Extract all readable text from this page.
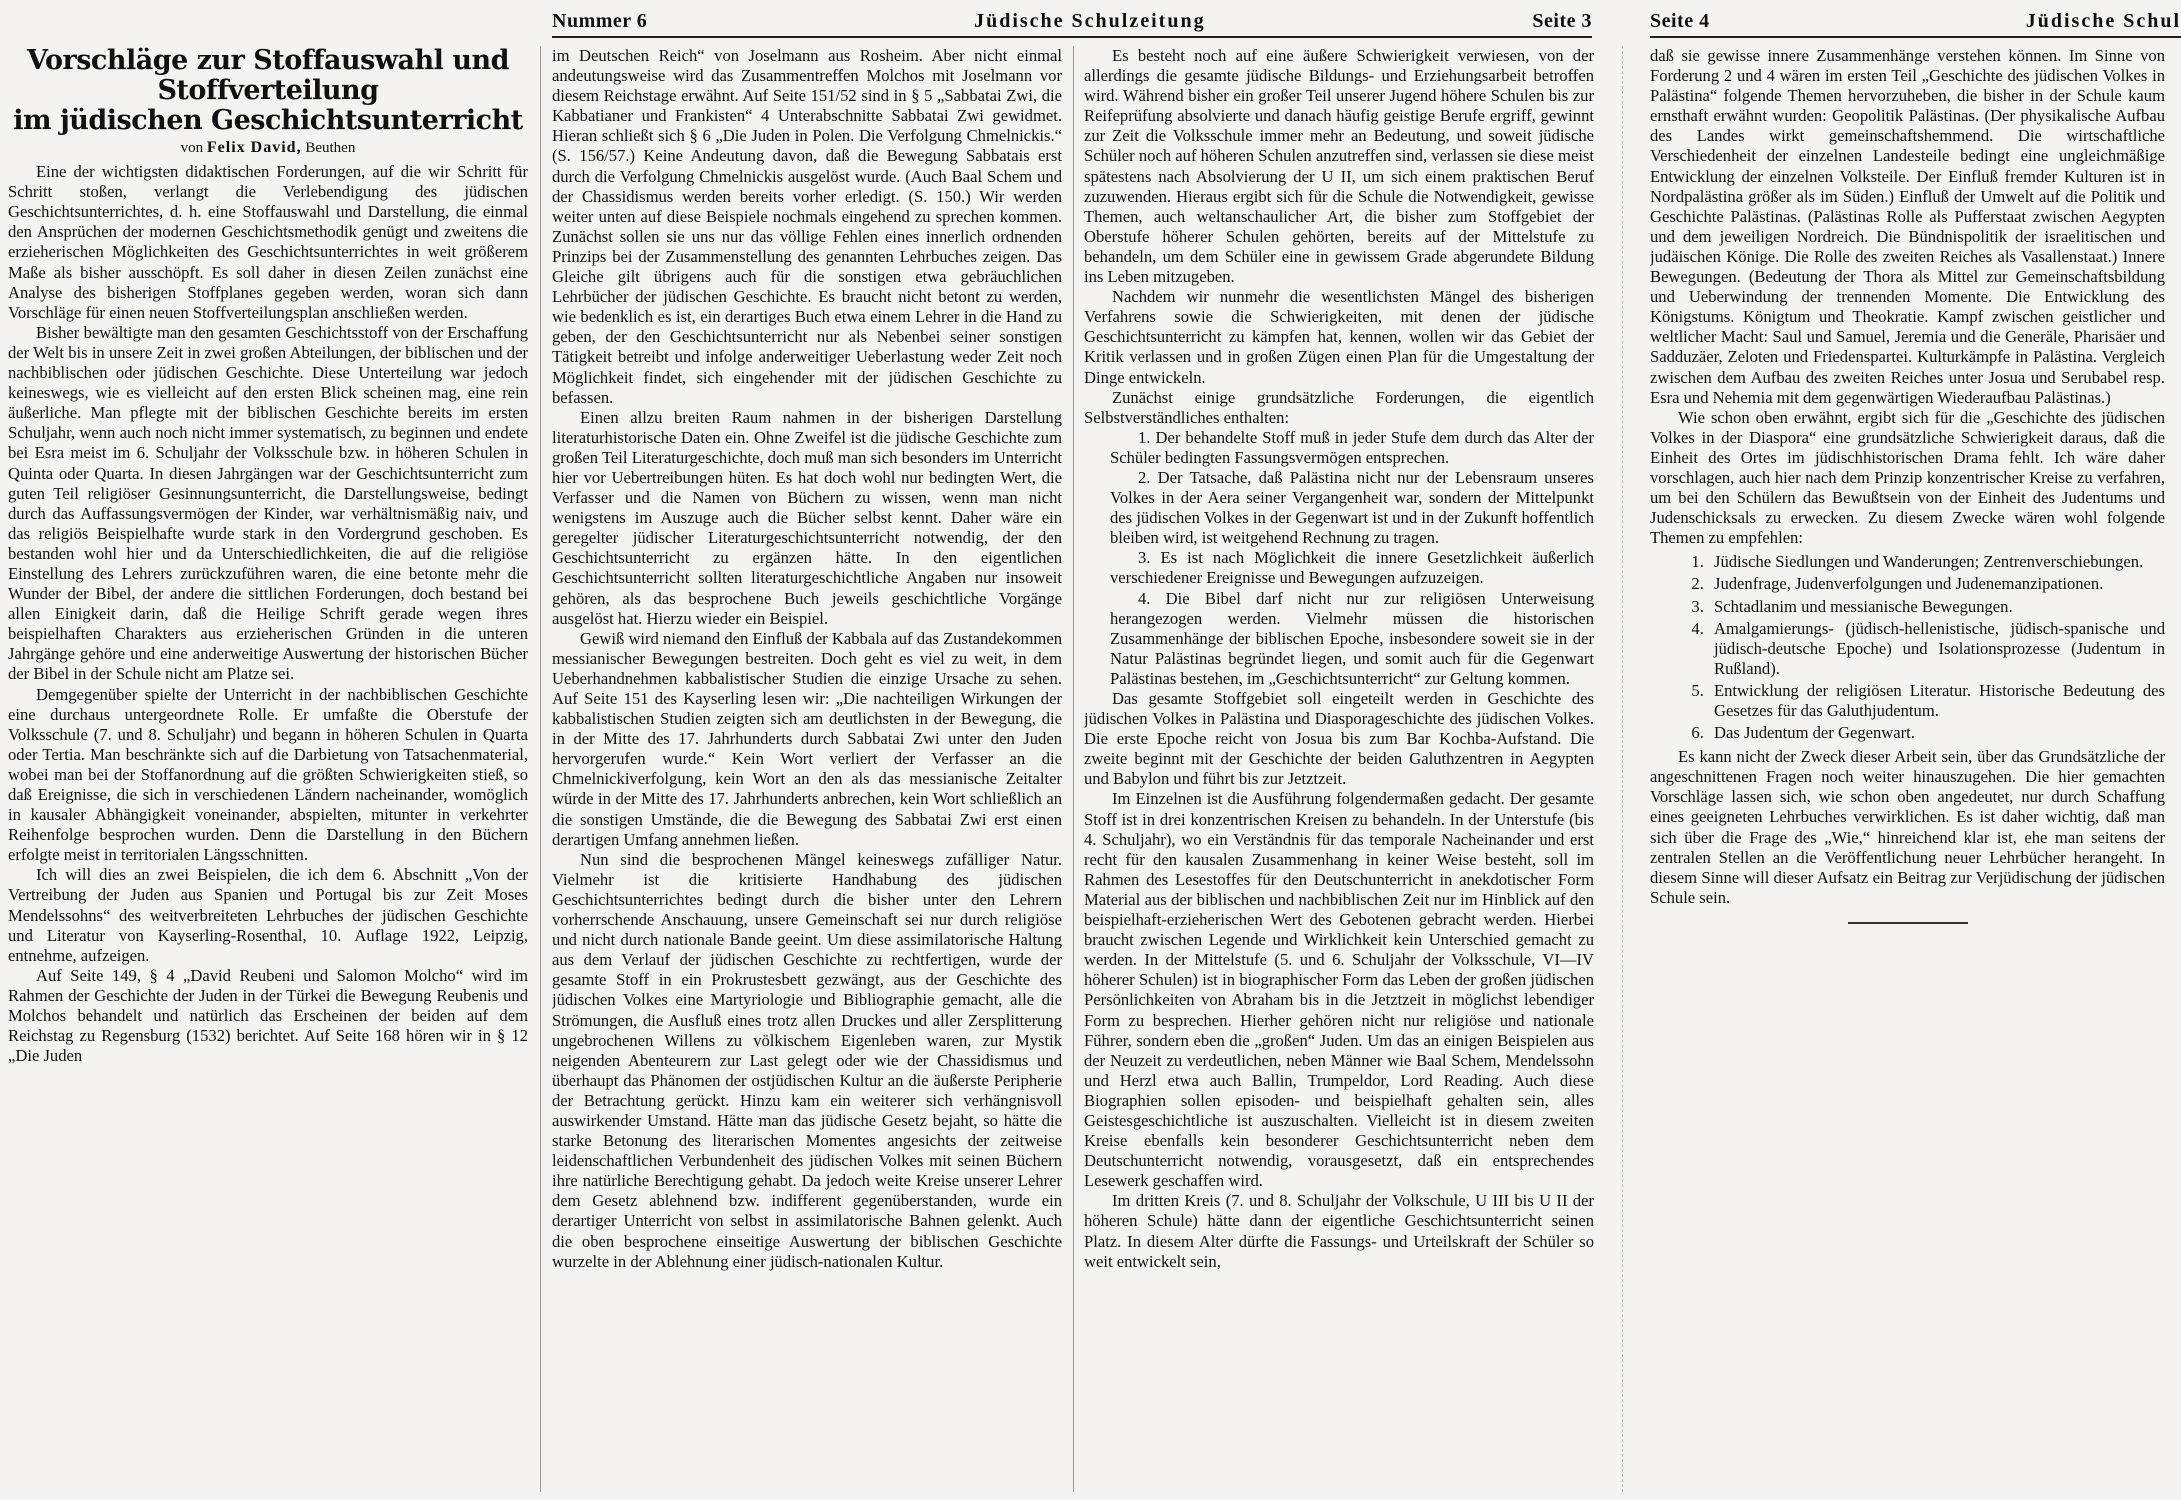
Nummer 6	Jüdische Schulzeitung	Seite 3	Seite 4	Jüdische Schul
Vorschläge zur Stoffauswahl und Stoffverteilung
im jüdischen Geschichtsunterricht
von Felix David, Beuthen

Eine der wichtigsten didaktischen Forderungen, auf die wir Schritt für Schritt stoßen, verlangt die Verlebendigung des jüdischen Geschichtsunterrichtes, d. h. eine Stoffauswahl und Darstellung, die einmal den Ansprüchen der modernen Geschichtsmethodik genügt und zweitens die erzieherischen Möglichkeiten des Geschichtsunterrichtes in weit größerem Maße als bisher ausschöpft. Es soll daher in diesen Zeilen zunächst eine Analyse des bisherigen Stoffplanes gegeben werden, woran sich dann Vorschläge für einen neuen Stoffverteilungsplan anschließen werden.

Bisher bewältigte man den gesamten Geschichtsstoff von der Erschaffung der Welt bis in unsere Zeit in zwei großen Abteilungen, der biblischen und der nachbiblischen oder jüdischen Geschichte. Diese Unterteilung war jedoch keineswegs, wie es vielleicht auf den ersten Blick scheinen mag, eine rein äußerliche. Man pflegte mit der biblischen Geschichte bereits im ersten Schuljahr, wenn auch noch nicht immer systematisch, zu beginnen und endete bei Esra meist im 6. Schuljahr der Volksschule bzw. in höheren Schulen in Quinta oder Quarta. In diesen Jahrgängen war der Geschichtsunterricht zum guten Teil religiöser Gesinnungsunterricht, die Darstellungsweise, bedingt durch das Auffassungsvermögen der Kinder, war verhältnismäßig naiv, und das religiös Beispielhafte wurde stark in den Vordergrund geschoben. Es bestanden wohl hier und da Unterschiedlichkeiten, die auf die religiöse Einstellung des Lehrers zurückzuführen waren, die eine betonte mehr die Wunder der Bibel, der andere die sittlichen Forderungen, doch bestand bei allen Einigkeit darin, daß die Heilige Schrift gerade wegen ihres beispielhaften Charakters aus erzieherischen Gründen in die unteren Jahrgänge gehöre und eine anderweitige Auswertung der historischen Bücher der Bibel in der Schule nicht am Platze sei.

Demgegenüber spielte der Unterricht in der nachbiblischen Geschichte eine durchaus untergeordnete Rolle. Er umfaßte die Oberstufe der Volksschule (7. und 8. Schuljahr) und begann in höheren Schulen in Quarta oder Tertia. Man beschränkte sich auf die Darbietung von Tatsachenmaterial, wobei man bei der Stoffanordnung auf die größten Schwierigkeiten stieß, so daß Ereignisse, die sich in verschiedenen Ländern nacheinander, womöglich in kausaler Abhängigkeit voneinander, abspielten, mitunter in verkehrter Reihenfolge besprochen wurden. Denn die Darstellung in den Büchern erfolgte meist in territorialen Längsschnitten.

Ich will dies an zwei Beispielen, die ich dem 6. Abschnitt „Von der Vertreibung der Juden aus Spanien und Portugal bis zur Zeit Moses Mendelssohns“ des weitverbreiteten Lehrbuches der jüdischen Geschichte und Literatur von Kayserling-Rosenthal, 10. Auflage 1922, Leipzig, entnehme, aufzeigen.

Auf Seite 149, § 4 „David Reubeni und Salomon Molcho“ wird im Rahmen der Geschichte der Juden in der Türkei die Bewegung Reubenis und Molchos behandelt und natürlich das Erscheinen der beiden auf dem Reichstag zu Regensburg (1532) berichtet. Auf Seite 168 hören wir in § 12 „Die Juden

im Deutschen Reich“ von Joselmann aus Rosheim. Aber nicht einmal andeutungsweise wird das Zusammentreffen Molchos mit Joselmann vor diesem Reichstage erwähnt. Auf Seite 151/52 sind in § 5 „Sabbatai Zwi, die Kabbatianer und Frankisten“ 4 Unterabschnitte Sabbatai Zwi gewidmet. Hieran schließt sich § 6 „Die Juden in Polen. Die Verfolgung Chmelnickis.“ (S. 156/57.) Keine Andeutung davon, daß die Bewegung Sabbatais erst durch die Verfolgung Chmelnickis ausgelöst wurde. (Auch Baal Schem und der Chassidismus werden bereits vorher erledigt. (S. 150.) Wir werden weiter unten auf diese Beispiele nochmals eingehend zu sprechen kommen. Zunächst sollen sie uns nur das völlige Fehlen eines innerlich ordnenden Prinzips bei der Zusammenstellung des genannten Lehrbuches zeigen. Das Gleiche gilt übrigens auch für die sonstigen etwa gebräuchlichen Lehrbücher der jüdischen Geschichte. Es braucht nicht betont zu werden, wie bedenklich es ist, ein derartiges Buch etwa einem Lehrer in die Hand zu geben, der den Geschichtsunterricht nur als Nebenbei seiner sonstigen Tätigkeit betreibt und infolge anderweitiger Ueberlastung weder Zeit noch Möglichkeit findet, sich eingehender mit der jüdischen Geschichte zu befassen.

Einen allzu breiten Raum nahmen in der bisherigen Darstellung literaturhistorische Daten ein. Ohne Zweifel ist die jüdische Geschichte zum großen Teil Literaturgeschichte, doch muß man sich besonders im Unterricht hier vor Uebertreibungen hüten. Es hat doch wohl nur bedingten Wert, die Verfasser und die Namen von Büchern zu wissen, wenn man nicht wenigstens im Auszuge auch die Bücher selbst kennt. Daher wäre ein geregelter jüdischer Literaturgeschichtsunterricht notwendig, der den Geschichtsunterricht zu ergänzen hätte. In den eigentlichen Geschichtsunterricht sollten literaturgeschichtliche Angaben nur insoweit gehören, als das besprochene Buch jeweils geschichtliche Vorgänge ausgelöst hat. Hierzu wieder ein Beispiel.

Gewiß wird niemand den Einfluß der Kabbala auf das Zustandekommen messianischer Bewegungen bestreiten. Doch geht es viel zu weit, in dem Ueberhandnehmen kabbalistischer Studien die einzige Ursache zu sehen. Auf Seite 151 des Kayserling lesen wir: „Die nachteiligen Wirkungen der kabbalistischen Studien zeigten sich am deutlichsten in der Bewegung, die in der Mitte des 17. Jahrhunderts durch Sabbatai Zwi unter den Juden hervorgerufen wurde.“ Kein Wort verliert der Verfasser an die Chmelnickiverfolgung, kein Wort an den als das messianische Zeitalter würde in der Mitte des 17. Jahrhunderts anbrechen, kein Wort schließlich an die sonstigen Umstände, die die Bewegung des Sabbatai Zwi erst einen derartigen Umfang annehmen ließen.

Nun sind die besprochenen Mängel keineswegs zufälliger Natur. Vielmehr ist die kritisierte Handhabung des jüdischen Geschichtsunterrichtes bedingt durch die bisher unter den Lehrern vorherrschende Anschauung, unsere Gemeinschaft sei nur durch religiöse und nicht durch nationale Bande geeint. Um diese assimilatorische Haltung aus dem Verlauf der jüdischen Geschichte zu rechtfertigen, wurde der gesamte Stoff in ein Prokrustesbett gezwängt, aus der Geschichte des jüdischen Volkes eine Martyriologie und Bibliographie gemacht, alle die Strömungen, die Ausfluß eines trotz allen Druckes und aller Zersplitterung ungebrochenen Willens zu völkischem Eigenleben waren, zur Mystik neigenden Abenteurern zur Last gelegt oder wie der Chassidismus und überhaupt das Phänomen der ostjüdischen Kultur an die äußerste Peripherie der Betrachtung gerückt. Hinzu kam ein weiterer sich verhängnisvoll auswirkender Umstand. Hätte man das jüdische Gesetz bejaht, so hätte die starke Betonung des literarischen Momentes angesichts der zeitweise leidenschaftlichen Verbundenheit des jüdischen Volkes mit seinen Büchern ihre natürliche Berechtigung gehabt. Da jedoch weite Kreise unserer Lehrer dem Gesetz ablehnend bzw. indifferent gegenüberstanden, wurde ein derartiger Unterricht von selbst in assimilatorische Bahnen gelenkt. Auch die oben besprochene einseitige Auswertung der biblischen Geschichte wurzelte in der Ablehnung einer jüdisch-nationalen Kultur.

Es besteht noch auf eine äußere Schwierigkeit verwiesen, von der allerdings die gesamte jüdische Bildungs- und Erziehungsarbeit betroffen wird. Während bisher ein großer Teil unserer Jugend höhere Schulen bis zur Reifeprüfung absolvierte und danach häufig geistige Berufe ergriff, gewinnt zur Zeit die Volksschule immer mehr an Bedeutung, und soweit jüdische Schüler noch auf höheren Schulen anzutreffen sind, verlassen sie diese meist spätestens nach Absolvierung der U II, um sich einem praktischen Beruf zuzuwenden. Hieraus ergibt sich für die Schule die Notwendigkeit, gewisse Themen, auch weltanschaulicher Art, die bisher zum Stoffgebiet der Oberstufe höherer Schulen gehörten, bereits auf der Mittelstufe zu behandeln, um dem Schüler eine in gewissem Grade abgerundete Bildung ins Leben mitzugeben.

Nachdem wir nunmehr die wesentlichsten Mängel des bisherigen Verfahrens sowie die Schwierigkeiten, mit denen der jüdische Geschichtsunterricht zu kämpfen hat, kennen, wollen wir das Gebiet der Kritik verlassen und in großen Zügen einen Plan für die Umgestaltung der Dinge entwickeln.

Zunächst einige grundsätzliche Forderungen, die eigentlich Selbstverständliches enthalten:

1. Der behandelte Stoff muß in jeder Stufe dem durch das Alter der Schüler bedingten Fassungsvermögen entsprechen.

2. Der Tatsache, daß Palästina nicht nur der Lebensraum unseres Volkes in der Aera seiner Vergangenheit war, sondern der Mittelpunkt des jüdischen Volkes in der Gegenwart ist und in der Zukunft hoffentlich bleiben wird, ist weitgehend Rechnung zu tragen.

3. Es ist nach Möglichkeit die innere Gesetzlichkeit äußerlich verschiedener Ereignisse und Bewegungen aufzuzeigen.

4. Die Bibel darf nicht nur zur religiösen Unterweisung herangezogen werden. Vielmehr müssen die historischen Zusammenhänge der biblischen Epoche, insbesondere soweit sie in der Natur Palästinas begründet liegen, und somit auch für die Gegenwart Palästinas bestehen, im „Geschichtsunterricht“ zur Geltung kommen.

Das gesamte Stoffgebiet soll eingeteilt werden in Geschichte des jüdischen Volkes in Palästina und Diasporageschichte des jüdischen Volkes. Die erste Epoche reicht von Josua bis zum Bar Kochba-Aufstand. Die zweite beginnt mit der Geschichte der beiden Galuthzentren in Aegypten und Babylon und führt bis zur Jetztzeit.

Im Einzelnen ist die Ausführung folgendermaßen gedacht. Der gesamte Stoff ist in drei konzentrischen Kreisen zu behandeln. In der Unterstufe (bis 4. Schuljahr), wo ein Verständnis für das temporale Nacheinander und erst recht für den kausalen Zusammenhang in keiner Weise besteht, soll im Rahmen des Lesestoffes für den Deutschunterricht in anekdotischer Form Material aus der biblischen und nachbiblischen Zeit nur im Hinblick auf den beispielhaft-erzieherischen Wert des Gebotenen gebracht werden. Hierbei braucht zwischen Legende und Wirklichkeit kein Unterschied gemacht zu werden. In der Mittelstufe (5. und 6. Schuljahr der Volksschule, VI—IV höherer Schulen) ist in biographischer Form das Leben der großen jüdischen Persönlichkeiten von Abraham bis in die Jetztzeit in möglichst lebendiger Form zu besprechen. Hierher gehören nicht nur religiöse und nationale Führer, sondern eben die „großen“ Juden. Um das an einigen Beispielen aus der Neuzeit zu verdeutlichen, neben Männer wie Baal Schem, Mendelssohn und Herzl etwa auch Ballin, Trumpeldor, Lord Reading. Auch diese Biographien sollen episoden- und beispielhaft gehalten sein, alles Geistesgeschichtliche ist auszuschalten. Vielleicht ist in diesem zweiten Kreise ebenfalls kein besonderer Geschichtsunterricht neben dem Deutschunterricht notwendig, vorausgesetzt, daß ein entsprechendes Lesewerk geschaffen wird.

Im dritten Kreis (7. und 8. Schuljahr der Volkschule, U III bis U II der höheren Schule) hätte dann der eigentliche Geschichtsunterricht seinen Platz. In diesem Alter dürfte die Fassungs- und Urteilskraft der Schüler so weit entwickelt sein,

daß sie gewisse innere Zusammenhänge verstehen können. Im Sinne von Forderung 2 und 4 wären im ersten Teil „Geschichte des jüdischen Volkes in Palästina“ folgende Themen hervorzuheben, die bisher in der Schule kaum ernsthaft erwähnt wurden: Geopolitik Palästinas. (Der physikalische Aufbau des Landes wirkt gemeinschaftshemmend. Die wirtschaftliche Verschiedenheit der einzelnen Landesteile bedingt eine ungleichmäßige Entwicklung der einzelnen Volksteile. Der Einfluß fremder Kulturen ist in Nordpalästina größer als im Süden.) Einfluß der Umwelt auf die Politik und Geschichte Palästinas. (Palästinas Rolle als Pufferstaat zwischen Aegypten und dem jeweiligen Nordreich. Die Bündnispolitik der israelitischen und judäischen Könige. Die Rolle des zweiten Reiches als Vasallenstaat.) Innere Bewegungen. (Bedeutung der Thora als Mittel zur Gemeinschaftsbildung und Ueberwindung der trennenden Momente. Die Entwicklung des Königstums. Königtum und Theokratie. Kampf zwischen geistlicher und weltlicher Macht: Saul und Samuel, Jeremia und die Generäle, Pharisäer und Sadduzäer, Zeloten und Friedenspartei. Kulturkämpfe in Palästina. Vergleich zwischen dem Aufbau des zweiten Reiches unter Josua und Serubabel resp. Esra und Nehemia mit dem gegenwärtigen Wiederaufbau Palästinas.)

Wie schon oben erwähnt, ergibt sich für die „Geschichte des jüdischen Volkes in der Diaspora“ eine grundsätzliche Schwierigkeit daraus, daß die Einheit des Ortes im jüdischhistorischen Drama fehlt. Ich wäre daher vorschlagen, auch hier nach dem Prinzip konzentrischer Kreise zu verfahren, um bei den Schülern das Bewußtsein von der Einheit des Judentums und Judenschicksals zu erwecken. Zu diesem Zwecke wären wohl folgende Themen zu empfehlen:

1. Jüdische Siedlungen und Wanderungen; Zentrenverschiebungen.
2. Judenfrage, Judenverfolgungen und Judenemanzipationen.
3. Schtadlanim und messianische Bewegungen.
4. Amalgamierungs- (jüdisch-hellenistische, jüdisch-spanische und jüdisch-deutsche Epoche) und Isolationsprozesse (Judentum in Rußland).
5. Entwicklung der religiösen Literatur. Historische Bedeutung des Gesetzes für das Galuthjudentum.
6. Das Judentum der Gegenwart.

Es kann nicht der Zweck dieser Arbeit sein, über das Grundsätzliche der angeschnittenen Fragen noch weiter hinauszugehen. Die hier gemachten Vorschläge lassen sich, wie schon oben angedeutet, nur durch Schaffung eines geeigneten Lehrbuches verwirklichen. Es ist daher wichtig, daß man sich über die Frage des „Wie,“ hinreichend klar ist, ehe man seitens der zentralen Stellen an die Veröffentlichung neuer Lehrbücher herangeht. In diesem Sinne will dieser Aufsatz ein Beitrag zur Verjüdischung der jüdischen Schule sein.
